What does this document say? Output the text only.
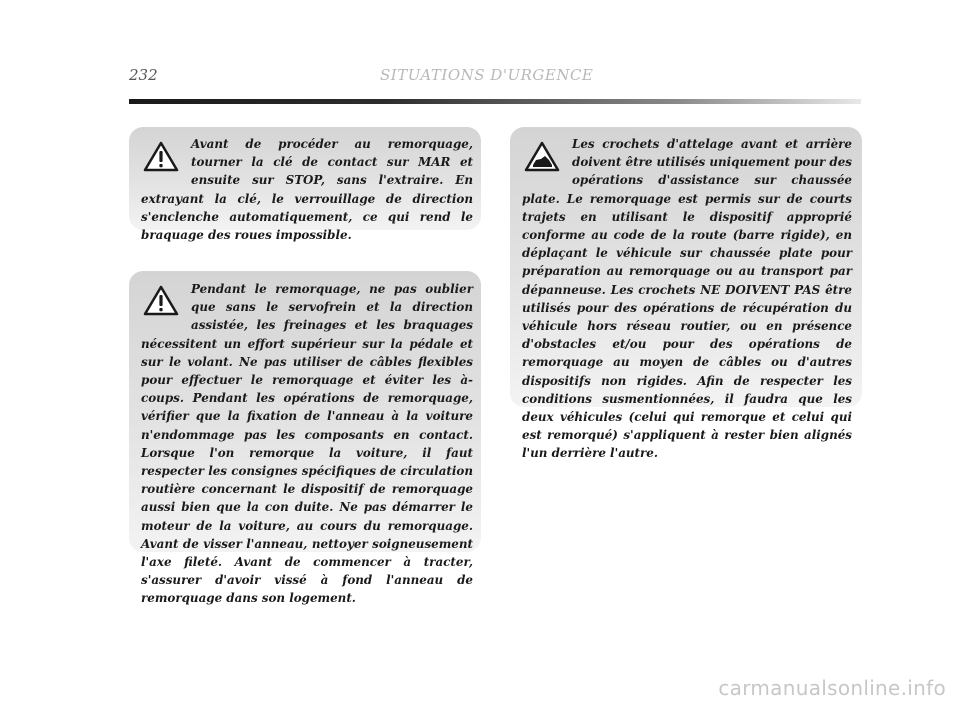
232	SITUATIONS D'URGENCE

Avant de procéder au remorquage, tourner la clé de contact sur MAR et ensuite sur STOP, sans l'extraire. En extrayant la clé, le verrouillage de direction s'enclenche automatiquement, ce qui rend le braquage des roues impossible.

Pendant le remorquage, ne pas oublier que sans le servofrein et la direction assistée, les freinages et les braquages nécessitent un effort supérieur sur la pédale et sur le volant. Ne pas utiliser de câbles flexibles pour effectuer le remorquage et éviter les à-coups. Pendant les opérations de remorquage, vérifier que la fixation de l'anneau à la voiture n'endommage pas les composants en contact. Lorsque l'on remorque la voiture, il faut respecter les consignes spécifiques de circulation routière concernant le dispositif de remorquage aussi bien que la con duite. Ne pas démarrer le moteur de la voiture, au cours du remorquage. Avant de visser l'anneau, nettoyer soigneusement l'axe fileté. Avant de commencer à tracter, s'assurer d'avoir vissé à fond l'anneau de remorquage dans son logement.

Les crochets d'attelage avant et arrière doivent être utilisés uniquement pour des opérations d'assistance sur chaussée plate. Le remorquage est permis sur de courts trajets en utilisant le dispositif approprié conforme au code de la route (barre rigide), en déplaçant le véhicule sur chaussée plate pour préparation au remorquage ou au transport par dépanneuse. Les crochets NE DOIVENT PAS être utilisés pour des opérations de récupération du véhicule hors réseau routier, ou en présence d'obstacles et/ou pour des opérations de remorquage au moyen de câbles ou d'autres dispositifs non rigides. Afin de respecter les conditions susmentionnées, il faudra que les deux véhicules (celui qui remorque et celui qui est remorqué) s'appliquent à rester bien alignés l'un derrière l'autre.

carmanualsonline.info
